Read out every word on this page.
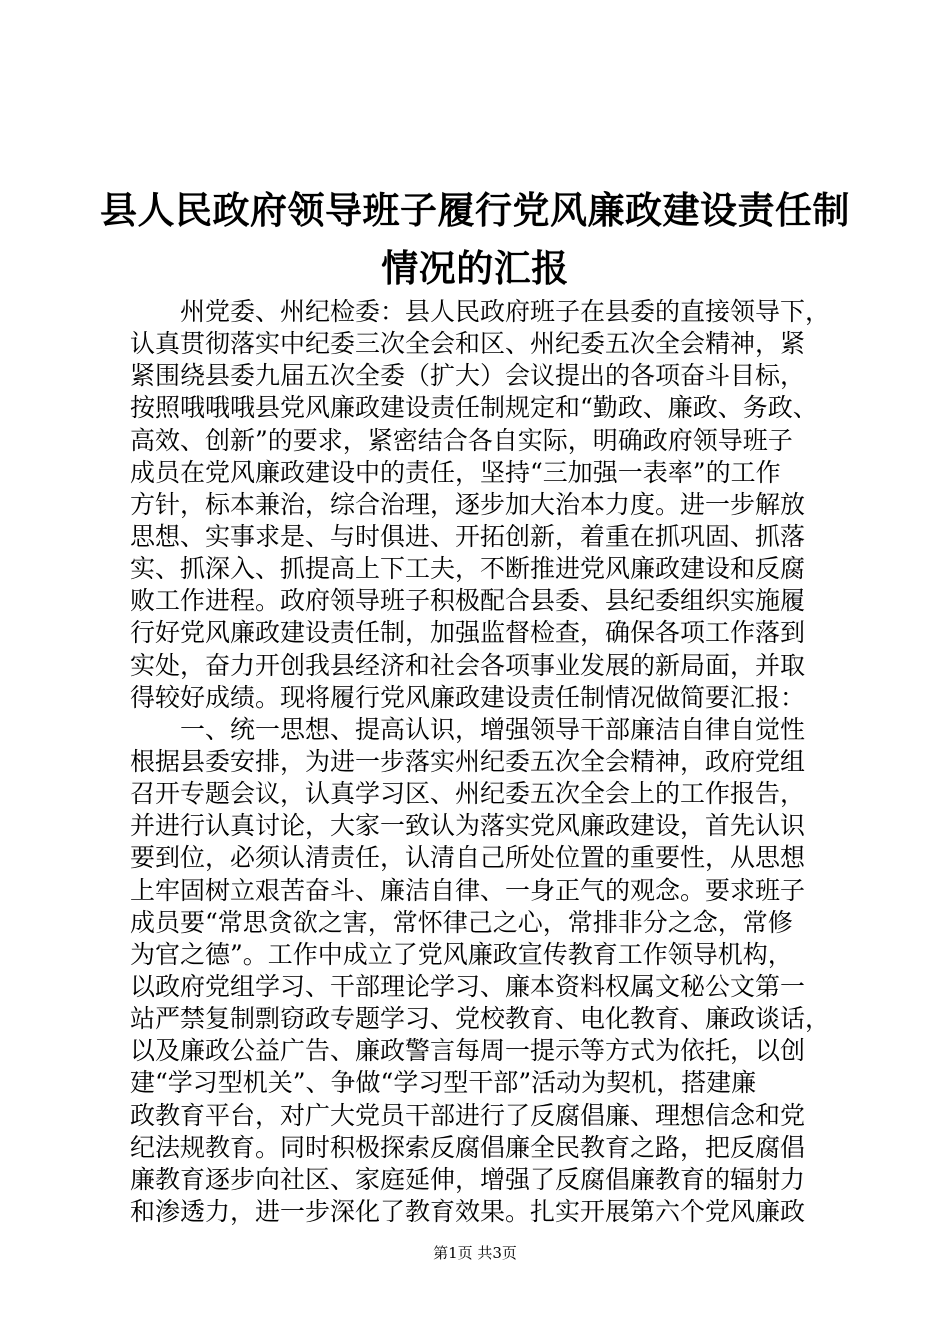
县人民政府领导班子履行党风廉政建设责任制
情况的汇报
　　州党委、州纪检委：县人民政府班子在县委的直接领导下，
认真贯彻落实中纪委三次全会和区、州纪委五次全会精神，紧
紧围绕县委九届五次全委（扩大）会议提出的各项奋斗目标，
按照哦哦哦县党风廉政建设责任制规定和“勤政、廉政、务政、
高效、创新”的要求，紧密结合各自实际，明确政府领导班子
成员在党风廉政建设中的责任，坚持“三加强一表率”的工作
方针，标本兼治，综合治理，逐步加大治本力度。进一步解放
思想、实事求是、与时俱进、开拓创新，着重在抓巩固、抓落
实、抓深入、抓提高上下工夫，不断推进党风廉政建设和反腐
败工作进程。政府领导班子积极配合县委、县纪委组织实施履
行好党风廉政建设责任制，加强监督检查，确保各项工作落到
实处，奋力开创我县经济和社会各项事业发展的新局面，并取
得较好成绩。现将履行党风廉政建设责任制情况做简要汇报：
　　一、统一思想、提高认识，增强领导干部廉洁自律自觉性
根据县委安排，为进一步落实州纪委五次全会精神，政府党组
召开专题会议，认真学习区、州纪委五次全会上的工作报告，
并进行认真讨论，大家一致认为落实党风廉政建设，首先认识
要到位，必须认清责任，认清自己所处位置的重要性，从思想
上牢固树立艰苦奋斗、廉洁自律、一身正气的观念。要求班子
成员要“常思贪欲之害，常怀律己之心，常排非分之念，常修
为官之德”。工作中成立了党风廉政宣传教育工作领导机构，
以政府党组学习、干部理论学习、廉本资料权属文秘公文第一
站严禁复制剽窃政专题学习、党校教育、电化教育、廉政谈话，
以及廉政公益广告、廉政警言每周一提示等方式为依托，以创
建“学习型机关”、争做“学习型干部”活动为契机，搭建廉
政教育平台，对广大党员干部进行了反腐倡廉、理想信念和党
纪法规教育。同时积极探索反腐倡廉全民教育之路，把反腐倡
廉教育逐步向社区、家庭延伸，增强了反腐倡廉教育的辐射力
和渗透力，进一步深化了教育效果。扎实开展第六个党风廉政
第1页 共3页
